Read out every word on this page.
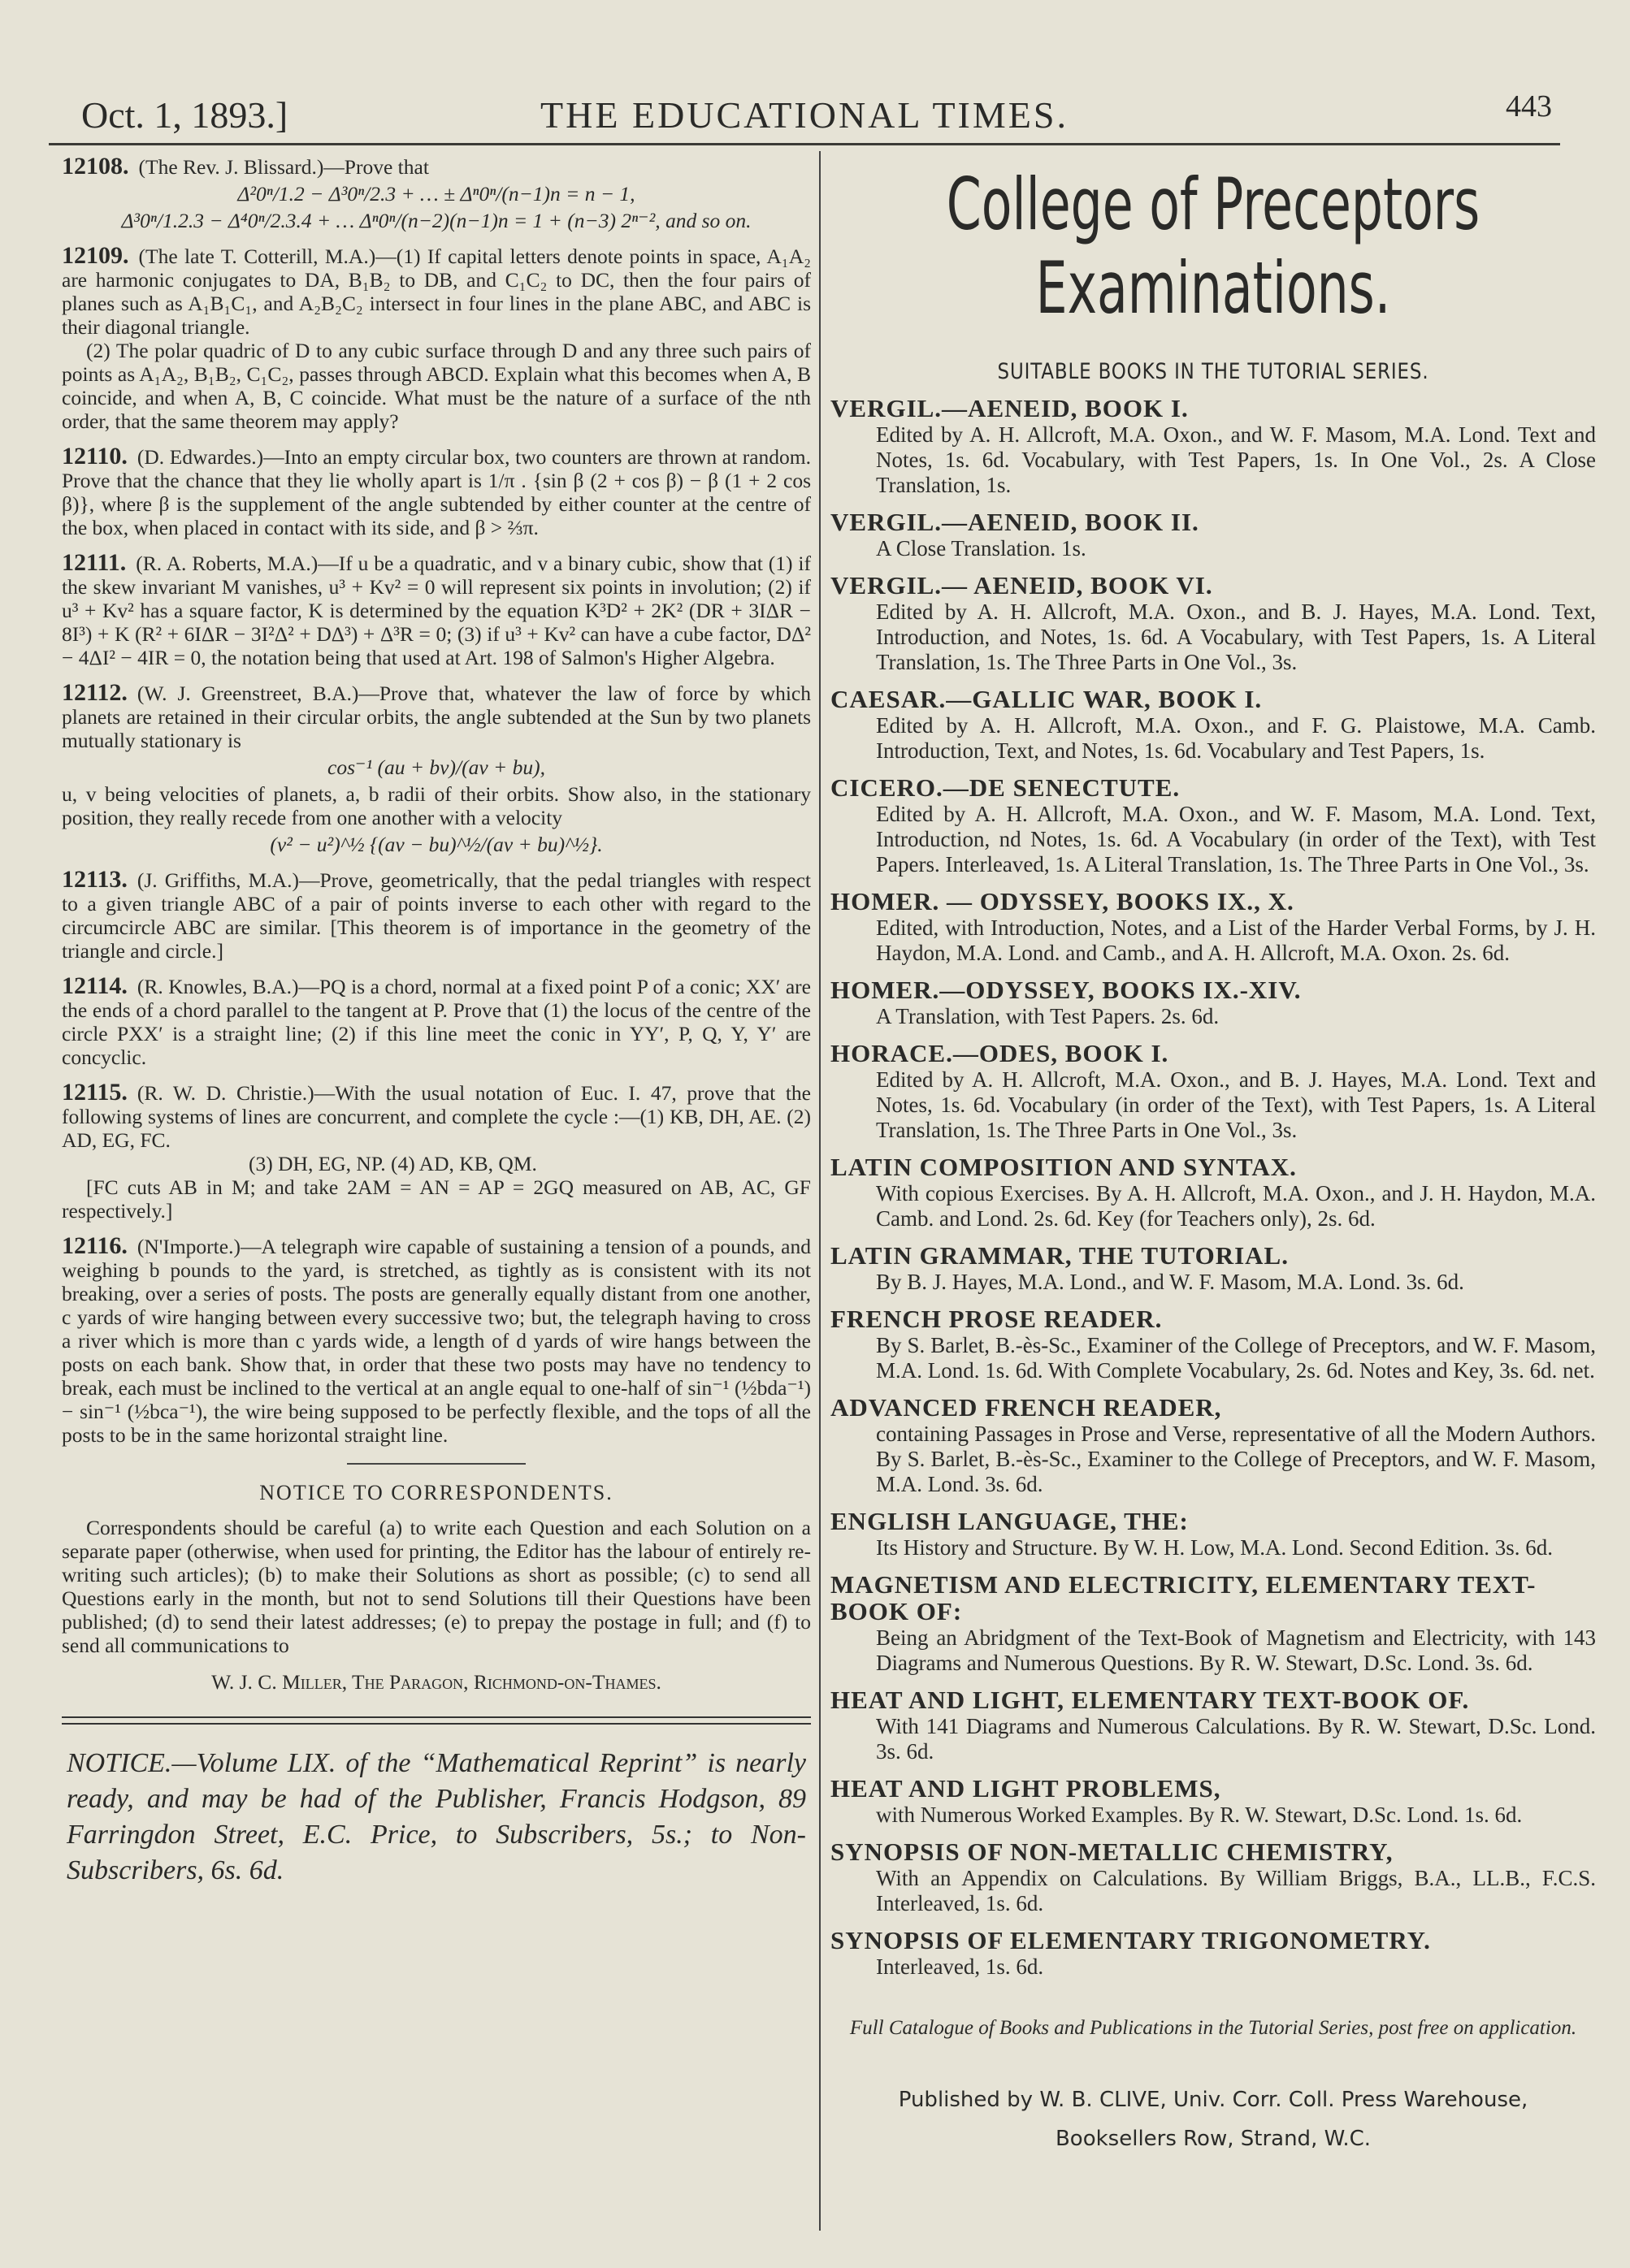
Oct. 1, 1893.]	THE EDUCATIONAL TIMES.	443

12108. (The Rev. J. Blissard.)—Prove that

Δ²0ⁿ/1.2 − Δ³0ⁿ/2.3 + … ± Δⁿ0ⁿ/(n−1)n = n − 1,

Δ³0ⁿ/1.2.3 − Δ⁴0ⁿ/2.3.4 + … Δⁿ0ⁿ/(n−2)(n−1)n = 1 + (n−3) 2ⁿ⁻², and so on.

12109. (The late T. Cotterill, M.A.)—(1) If capital letters denote points in space, A₁A₂ are harmonic conjugates to DA, B₁B₂ to DB, and C₁C₂ to DC, then the four pairs of planes such as A₁B₁C₁, and A₂B₂C₂ intersect in four lines in the plane ABC, and ABC is their diagonal triangle.

(2) The polar quadric of D to any cubic surface through D and any three such pairs of points as A₁A₂, B₁B₂, C₁C₂, passes through ABCD. Explain what this becomes when A, B coincide, and when A, B, C coincide. What must be the nature of a surface of the nth order, that the same theorem may apply?

12110. (D. Edwardes.)—Into an empty circular box, two counters are thrown at random. Prove that the chance that they lie wholly apart is 1/π . {sin β (2 + cos β) − β (1 + 2 cos β)}, where β is the supplement of the angle subtended by either counter at the centre of the box, when placed in contact with its side, and β > ⅔π.

12111. (R. A. Roberts, M.A.)—If u be a quadratic, and v a binary cubic, show that (1) if the skew invariant M vanishes, u³ + Kv² = 0 will represent six points in involution; (2) if u³ + Kv² has a square factor, K is determined by the equation K³D² + 2K² (DR + 3IΔR − 8I³) + K (R² + 6IΔR − 3I²Δ² + DΔ³) + Δ³R = 0; (3) if u³ + Kv² can have a cube factor, DΔ² − 4ΔI² − 4IR = 0, the notation being that used at Art. 198 of Salmon's Higher Algebra.

12112. (W. J. Greenstreet, B.A.)—Prove that, whatever the law of force by which planets are retained in their circular orbits, the angle subtended at the Sun by two planets mutually stationary is

cos⁻¹ (au + bv)/(av + bu),

u, v being velocities of planets, a, b radii of their orbits. Show also, in the stationary position, they really recede from one another with a velocity

(v² − u²)^½ {(av − bu)^½/(av + bu)^½}.

12113. (J. Griffiths, M.A.)—Prove, geometrically, that the pedal triangles with respect to a given triangle ABC of a pair of points inverse to each other with regard to the circumcircle ABC are similar. [This theorem is of importance in the geometry of the triangle and circle.]

12114. (R. Knowles, B.A.)—PQ is a chord, normal at a fixed point P of a conic; XX′ are the ends of a chord parallel to the tangent at P. Prove that (1) the locus of the centre of the circle PXX′ is a straight line; (2) if this line meet the conic in YY′, P, Q, Y, Y′ are concyclic.

12115. (R. W. D. Christie.)—With the usual notation of Euc. I. 47, prove that the following systems of lines are concurrent, and complete the cycle :—(1) KB, DH, AE. (2) AD, EG, FC.

(3) DH, EG, NP. (4) AD, KB, QM.

[FC cuts AB in M; and take 2AM = AN = AP = 2GQ measured on AB, AC, GF respectively.]

12116. (N'Importe.)—A telegraph wire capable of sustaining a tension of a pounds, and weighing b pounds to the yard, is stretched, as tightly as is consistent with its not breaking, over a series of posts. The posts are generally equally distant from one another, c yards of wire hanging between every successive two; but, the telegraph having to cross a river which is more than c yards wide, a length of d yards of wire hangs between the posts on each bank. Show that, in order that these two posts may have no tendency to break, each must be inclined to the vertical at an angle equal to one-half of sin⁻¹ (½bda⁻¹) − sin⁻¹ (½bca⁻¹), the wire being supposed to be perfectly flexible, and the tops of all the posts to be in the same horizontal straight line.

NOTICE TO CORRESPONDENTS.

Correspondents should be careful (a) to write each Question and each Solution on a separate paper (otherwise, when used for printing, the Editor has the labour of entirely re-writing such articles); (b) to make their Solutions as short as possible; (c) to send all Questions early in the month, but not to send Solutions till their Questions have been published; (d) to send their latest addresses; (e) to prepay the postage in full; and (f) to send all communications to

W. J. C. Miller, The Paragon, Richmond-on-Thames.

NOTICE.—Volume LIX. of the “Mathematical Reprint” is nearly ready, and may be had of the Publisher, Francis Hodgson, 89 Farringdon Street, E.C. Price, to Subscribers, 5s.; to Non-Subscribers, 6s. 6d.

College of Preceptors Examinations.
SUITABLE BOOKS IN THE TUTORIAL SERIES.
VERGIL.—AENEID, BOOK I.
Edited by A. H. Allcroft, M.A. Oxon., and W. F. Masom, M.A. Lond. Text and Notes, 1s. 6d. Vocabulary, with Test Papers, 1s. In One Vol., 2s. A Close Translation, 1s.
VERGIL.—AENEID, BOOK II.
A Close Translation. 1s.
VERGIL.— AENEID, BOOK VI.
Edited by A. H. Allcroft, M.A. Oxon., and B. J. Hayes, M.A. Lond. Text, Introduction, and Notes, 1s. 6d. A Vocabulary, with Test Papers, 1s. A Literal Translation, 1s. The Three Parts in One Vol., 3s.
CAESAR.—GALLIC WAR, BOOK I.
Edited by A. H. Allcroft, M.A. Oxon., and F. G. Plaistowe, M.A. Camb. Introduction, Text, and Notes, 1s. 6d. Vocabulary and Test Papers, 1s.
CICERO.—DE SENECTUTE.
Edited by A. H. Allcroft, M.A. Oxon., and W. F. Masom, M.A. Lond. Text, Introduction, nd Notes, 1s. 6d. A Vocabulary (in order of the Text), with Test Papers. Interleaved, 1s. A Literal Translation, 1s. The Three Parts in One Vol., 3s.
HOMER. — ODYSSEY, BOOKS IX., X.
Edited, with Introduction, Notes, and a List of the Harder Verbal Forms, by J. H. Haydon, M.A. Lond. and Camb., and A. H. Allcroft, M.A. Oxon. 2s. 6d.
HOMER.—ODYSSEY, BOOKS IX.-XIV.
A Translation, with Test Papers. 2s. 6d.
HORACE.—ODES, BOOK I.
Edited by A. H. Allcroft, M.A. Oxon., and B. J. Hayes, M.A. Lond. Text and Notes, 1s. 6d. Vocabulary (in order of the Text), with Test Papers, 1s. A Literal Translation, 1s. The Three Parts in One Vol., 3s.
LATIN COMPOSITION AND SYNTAX.
With copious Exercises. By A. H. Allcroft, M.A. Oxon., and J. H. Haydon, M.A. Camb. and Lond. 2s. 6d. Key (for Teachers only), 2s. 6d.
LATIN GRAMMAR, THE TUTORIAL.
By B. J. Hayes, M.A. Lond., and W. F. Masom, M.A. Lond. 3s. 6d.
FRENCH PROSE READER.
By S. Barlet, B.-ès-Sc., Examiner of the College of Preceptors, and W. F. Masom, M.A. Lond. 1s. 6d. With Complete Vocabulary, 2s. 6d. Notes and Key, 3s. 6d. net.
ADVANCED FRENCH READER,
containing Passages in Prose and Verse, representative of all the Modern Authors. By S. Barlet, B.-ès-Sc., Examiner to the College of Preceptors, and W. F. Masom, M.A. Lond. 3s. 6d.
ENGLISH LANGUAGE, THE:
Its History and Structure. By W. H. Low, M.A. Lond. Second Edition. 3s. 6d.
MAGNETISM AND ELECTRICITY, ELEMENTARY TEXT-BOOK OF:
Being an Abridgment of the Text-Book of Magnetism and Electricity, with 143 Diagrams and Numerous Questions. By R. W. Stewart, D.Sc. Lond. 3s. 6d.
HEAT AND LIGHT, ELEMENTARY TEXT-BOOK OF.
With 141 Diagrams and Numerous Calculations. By R. W. Stewart, D.Sc. Lond. 3s. 6d.
HEAT AND LIGHT PROBLEMS,
with Numerous Worked Examples. By R. W. Stewart, D.Sc. Lond. 1s. 6d.
SYNOPSIS OF NON-METALLIC CHEMISTRY,
With an Appendix on Calculations. By William Briggs, B.A., LL.B., F.C.S. Interleaved, 1s. 6d.
SYNOPSIS OF ELEMENTARY TRIGONOMETRY.
Interleaved, 1s. 6d.
Full Catalogue of Books and Publications in the Tutorial Series, post free on application.
Published by W. B. CLIVE, Univ. Corr. Coll. Press Warehouse,
Booksellers Row, Strand, W.C.
